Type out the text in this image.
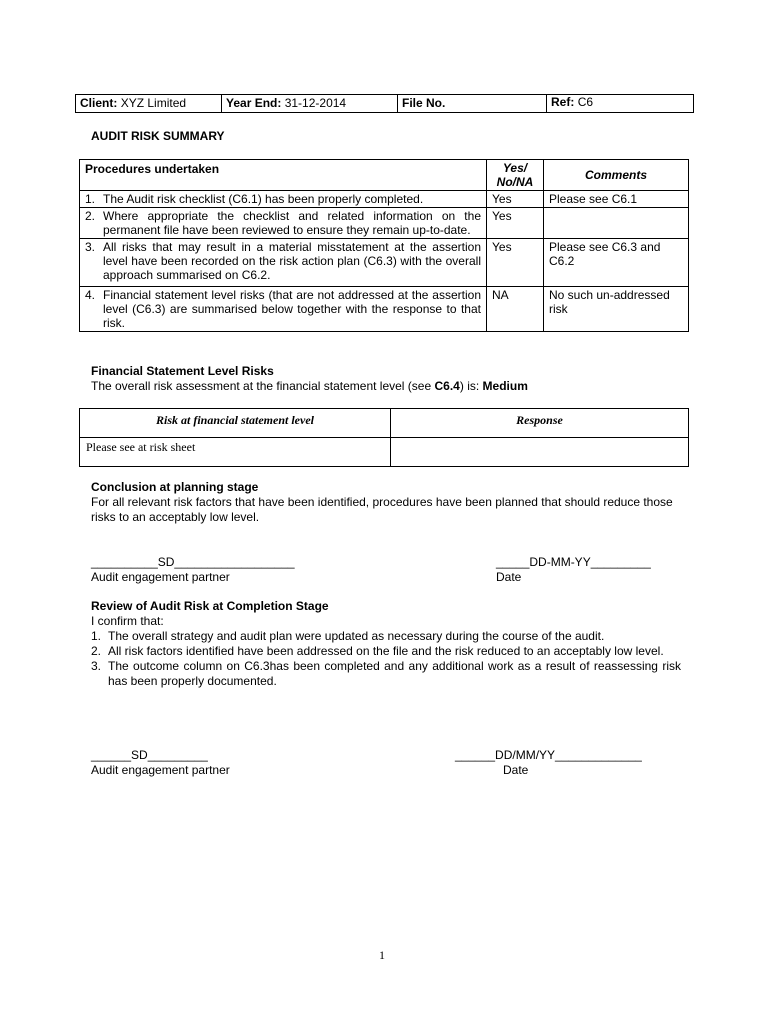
Client: XYZ Limited	Year End: 31-12-2014	File No.	Ref: C6
AUDIT RISK SUMMARY
Procedures undertaken	Yes/ No/NA	Comments

1. The Audit risk checklist (C6.1) has been properly completed.	Yes	Please see C6.1

2. Where appropriate the checklist and related information on the permanent file have been reviewed to ensure they remain up-to-date.	Yes	

3. All risks that may result in a material misstatement at the assertion level have been recorded on the risk action plan (C6.3) with the overall approach summarised on C6.2.	Yes	Please see C6.3 and C6.2

4. Financial statement level risks (that are not addressed at the assertion level (C6.3) are summarised below together with the response to that risk.	NA	No such un-addressed risk
Financial Statement Level Risks
The overall risk assessment at the financial statement level (see C6.4) is: Medium
Risk at financial statement level	Response
Please see at risk sheet	
Conclusion at planning stage
For all relevant risk factors that have been identified, procedures have been planned that should reduce those risks to an acceptably low level.
__________SD__________________
Audit engagement partner
_____DD-MM-YY_________
Date
Review of Audit Risk at Completion Stage
I confirm that:
1. The overall strategy and audit plan were updated as necessary during the course of the audit.
2. All risk factors identified have been addressed on the file and the risk reduced to an acceptably low level.
3. The outcome column on C6.3has been completed and any additional work as a result of reassessing risk has been properly documented.
______SD_________
Audit engagement partner
______DD/MM/YY_____________
Date
1
